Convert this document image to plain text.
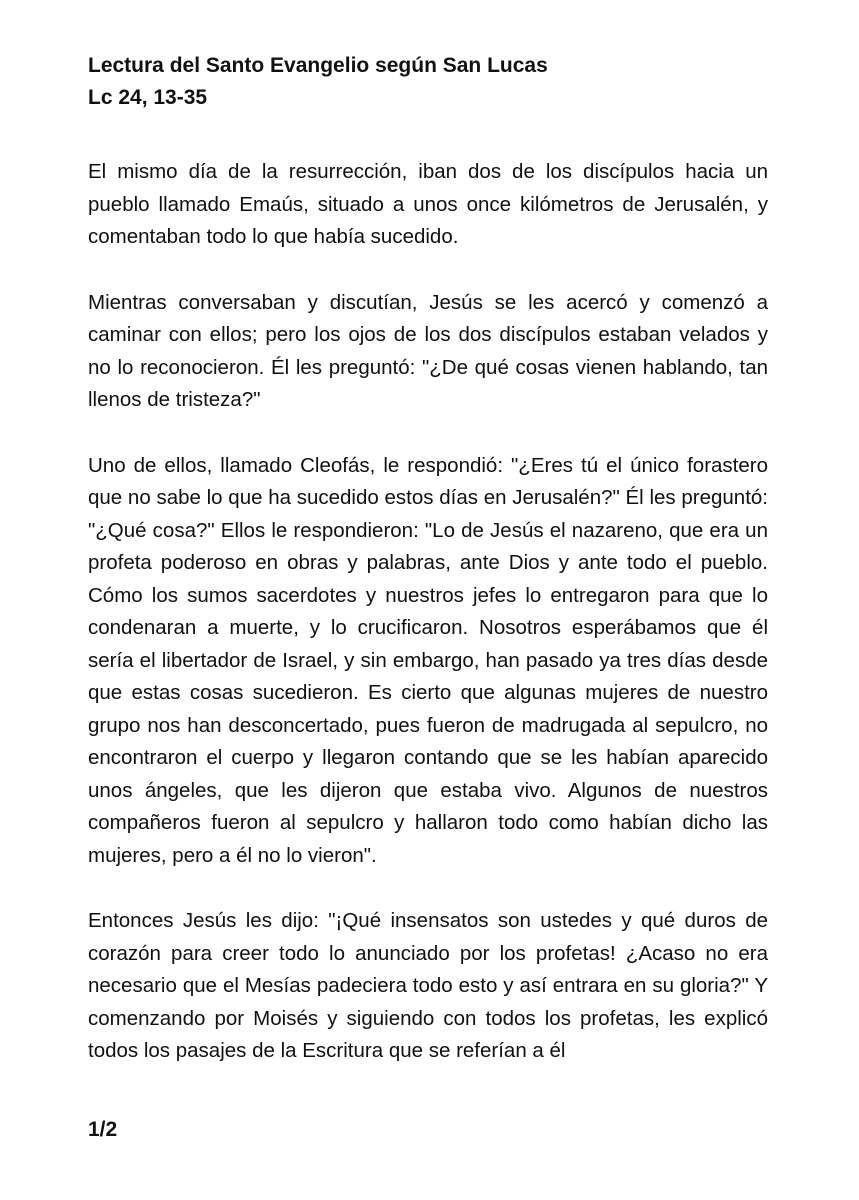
Lectura del Santo Evangelio según San Lucas
Lc 24, 13-35

El mismo día de la resurrección, iban dos de los discípulos hacia un pueblo llamado Emaús, situado a unos once kilómetros de Jerusalén, y comentaban todo lo que había sucedido.

Mientras conversaban y discutían, Jesús se les acercó y comenzó a caminar con ellos; pero los ojos de los dos discípulos estaban velados y no lo reconocieron. Él les preguntó: "¿De qué cosas vienen hablando, tan llenos de tristeza?"

Uno de ellos, llamado Cleofás, le respondió: "¿Eres tú el único forastero que no sabe lo que ha sucedido estos días en Jerusalén?" Él les preguntó: "¿Qué cosa?" Ellos le respondieron: "Lo de Jesús el nazareno, que era un profeta poderoso en obras y palabras, ante Dios y ante todo el pueblo. Cómo los sumos sacerdotes y nuestros jefes lo entregaron para que lo condenaran a muerte, y lo crucificaron. Nosotros esperábamos que él sería el libertador de Israel, y sin embargo, han pasado ya tres días desde que estas cosas sucedieron. Es cierto que algunas mujeres de nuestro grupo nos han desconcertado, pues fueron de madrugada al sepulcro, no encontraron el cuerpo y llegaron contando que se les habían aparecido unos ángeles, que les dijeron que estaba vivo. Algunos de nuestros compañeros fueron al sepulcro y hallaron todo como habían dicho las mujeres, pero a él no lo vieron".

Entonces Jesús les dijo: "¡Qué insensatos son ustedes y qué duros de corazón para creer todo lo anunciado por los profetas! ¿Acaso no era necesario que el Mesías padeciera todo esto y así entrara en su gloria?" Y comenzando por Moisés y siguiendo con todos los profetas, les explicó todos los pasajes de la Escritura que se referían a él

1/2
